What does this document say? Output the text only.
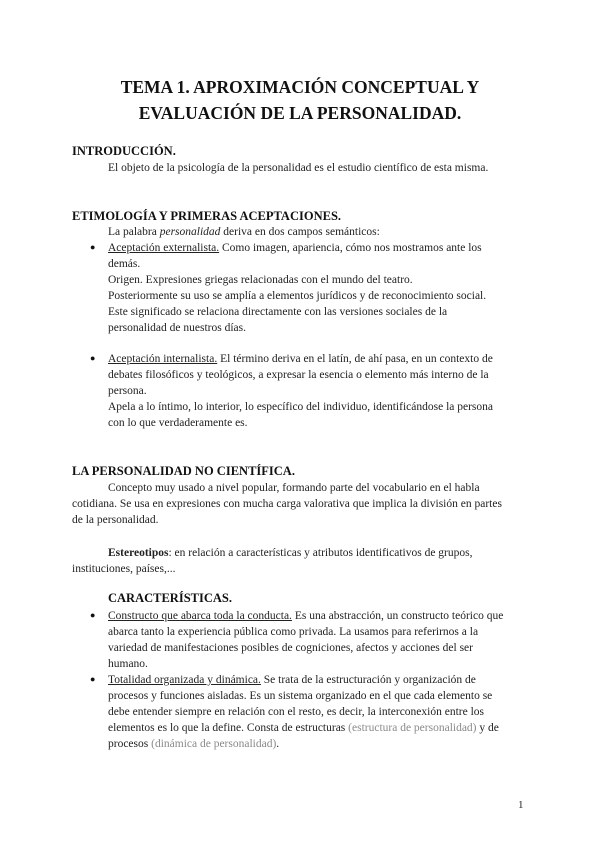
TEMA 1. APROXIMACIÓN CONCEPTUAL Y
EVALUACIÓN DE LA PERSONALIDAD.
INTRODUCCIÓN.
El objeto de la psicología de la personalidad es el estudio científico de esta misma.
ETIMOLOGÍA Y PRIMERAS ACEPTACIONES.
La palabra personalidad deriva en dos campos semánticos:
● Aceptación externalista. Como imagen, apariencia, cómo nos mostramos ante los
demás.
Origen. Expresiones griegas relacionadas con el mundo del teatro.
Posteriormente su uso se amplía a elementos jurídicos y de reconocimiento social.
Este significado se relaciona directamente con las versiones sociales de la
personalidad de nuestros días.
● Aceptación internalista. El término deriva en el latín, de ahí pasa, en un contexto de
debates filosóficos y teológicos, a expresar la esencia o elemento más interno de la
persona.
Apela a lo íntimo, lo interior, lo específico del individuo, identificándose la persona
con lo que verdaderamente es.
LA PERSONALIDAD NO CIENTÍFICA.
Concepto muy usado a nivel popular, formando parte del vocabulario en el habla
cotidiana. Se usa en expresiones con mucha carga valorativa que implica la división en partes
de la personalidad.
Estereotipos: en relación a características y atributos identificativos de grupos,
instituciones, países,...
CARACTERÍSTICAS.
● Constructo que abarca toda la conducta. Es una abstracción, un constructo teórico que
abarca tanto la experiencia pública como privada. La usamos para referirnos a la
variedad de manifestaciones posibles de cogniciones, afectos y acciones del ser
humano.
● Totalidad organizada y dinámica. Se trata de la estructuración y organización de
procesos y funciones aisladas. Es un sistema organizado en el que cada elemento se
debe entender siempre en relación con el resto, es decir, la interconexión entre los
elementos es lo que la define. Consta de estructuras (estructura de personalidad) y de
procesos (dinámica de personalidad).
1
